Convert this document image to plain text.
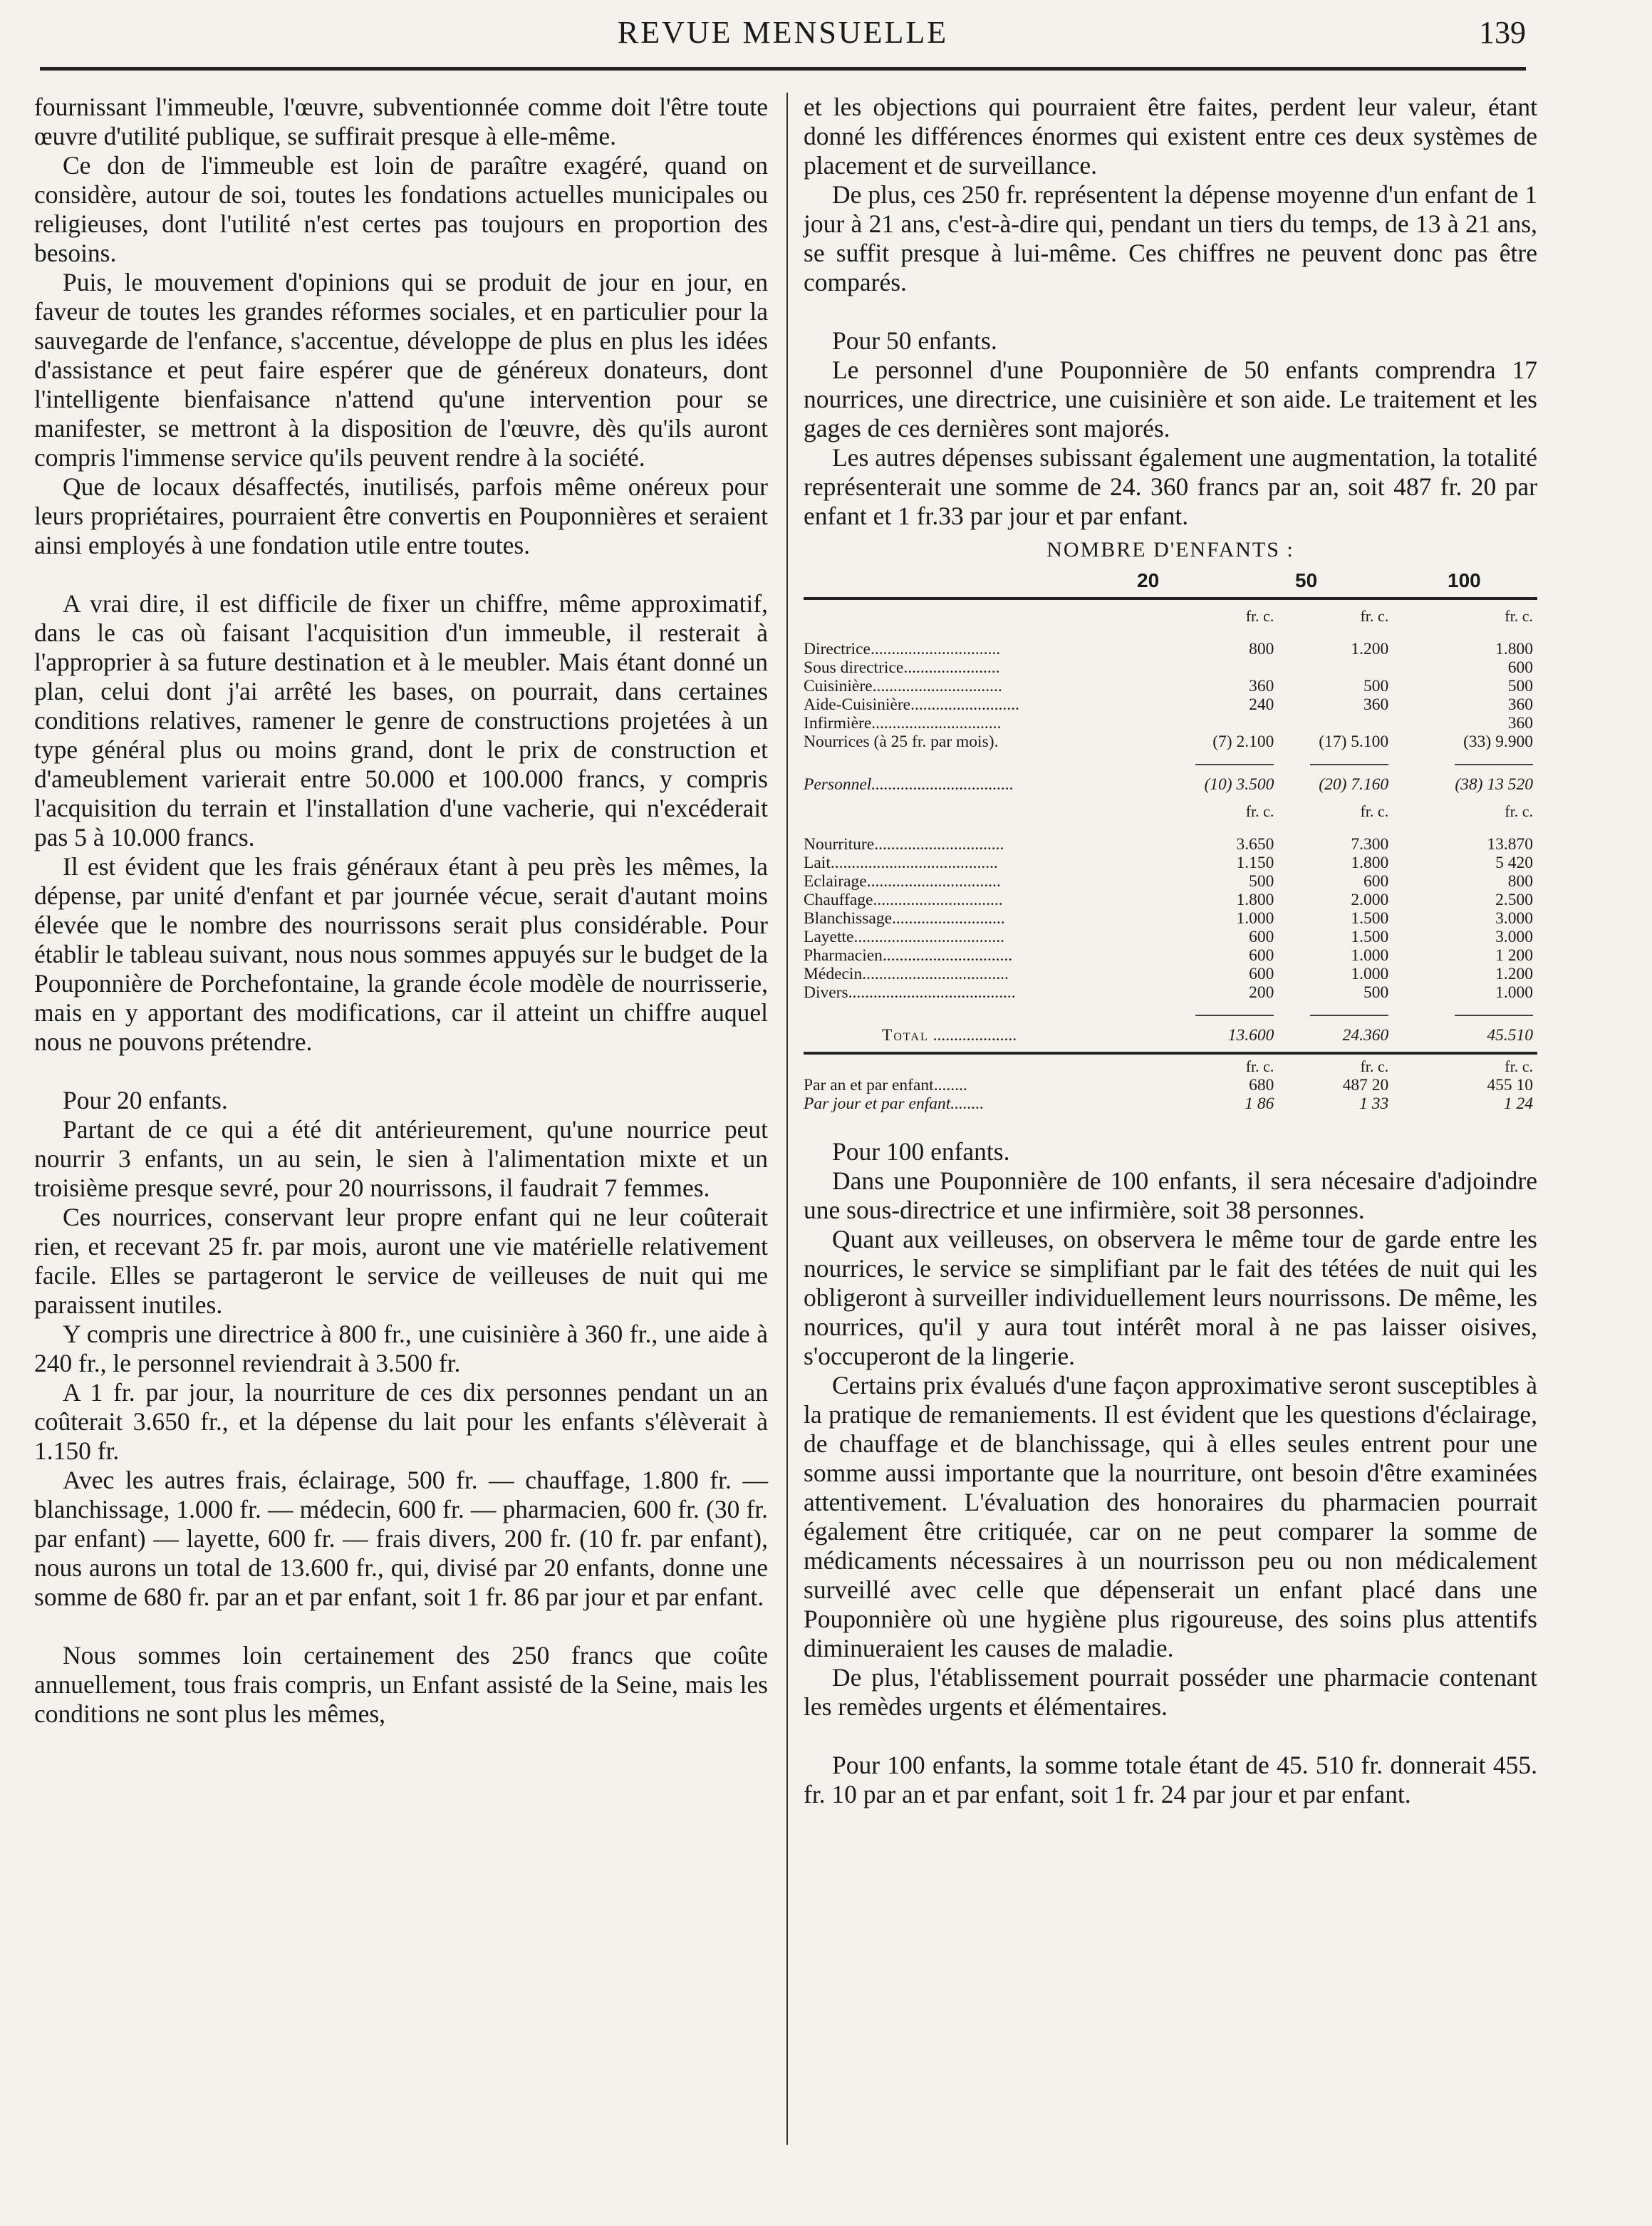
REVUE MENSUELLE	139

fournissant l'immeuble, l'œuvre, subventionnée comme doit l'être toute œuvre d'utilité publique, se suffirait presque à elle-même.

Ce don de l'immeuble est loin de paraître exagéré, quand on considère, autour de soi, toutes les fondations actuelles municipales ou religieuses, dont l'utilité n'est certes pas toujours en proportion des besoins.

Puis, le mouvement d'opinions qui se produit de jour en jour, en faveur de toutes les grandes réformes sociales, et en particulier pour la sauvegarde de l'enfance, s'accentue, développe de plus en plus les idées d'assistance et peut faire espérer que de généreux donateurs, dont l'intelligente bienfaisance n'attend qu'une intervention pour se manifester, se mettront à la disposition de l'œuvre, dès qu'ils auront compris l'immense service qu'ils peuvent rendre à la société.

Que de locaux désaffectés, inutilisés, parfois même onéreux pour leurs propriétaires, pourraient être convertis en Pouponnières et seraient ainsi employés à une fondation utile entre toutes.

A vrai dire, il est difficile de fixer un chiffre, même approximatif, dans le cas où faisant l'acquisition d'un immeuble, il resterait à l'approprier à sa future destination et à le meubler. Mais étant donné un plan, celui dont j'ai arrêté les bases, on pourrait, dans certaines conditions relatives, ramener le genre de constructions projetées à un type général plus ou moins grand, dont le prix de construction et d'ameublement varierait entre 50.000 et 100.000 francs, y compris l'acquisition du terrain et l'installation d'une vacherie, qui n'excéderait pas 5 à 10.000 francs.

Il est évident que les frais généraux étant à peu près les mêmes, la dépense, par unité d'enfant et par journée vécue, serait d'autant moins élevée que le nombre des nourrissons serait plus considérable. Pour établir le tableau suivant, nous nous sommes appuyés sur le budget de la Pouponnière de Porchefontaine, la grande école modèle de nourrisserie, mais en y apportant des modifications, car il atteint un chiffre auquel nous ne pouvons prétendre.

Pour 20 enfants.

Partant de ce qui a été dit antérieurement, qu'une nourrice peut nourrir 3 enfants, un au sein, le sien à l'alimentation mixte et un troisième presque sevré, pour 20 nourrissons, il faudrait 7 femmes.

Ces nourrices, conservant leur propre enfant qui ne leur coûterait rien, et recevant 25 fr. par mois, auront une vie matérielle relativement facile. Elles se partageront le service de veilleuses de nuit qui me paraissent inutiles.

Y compris une directrice à 800 fr., une cuisinière à 360 fr., une aide à 240 fr., le personnel reviendrait à 3.500 fr.

A 1 fr. par jour, la nourriture de ces dix personnes pendant un an coûterait 3.650 fr., et la dépense du lait pour les enfants s'élèverait à 1.150 fr.

Avec les autres frais, éclairage, 500 fr. — chauffage, 1.800 fr. — blanchissage, 1.000 fr. — médecin, 600 fr. — pharmacien, 600 fr. (30 fr. par enfant) — layette, 600 fr. — frais divers, 200 fr. (10 fr. par enfant), nous aurons un total de 13.600 fr., qui, divisé par 20 enfants, donne une somme de 680 fr. par an et par enfant, soit 1 fr. 86 par jour et par enfant.

Nous sommes loin certainement des 250 francs que coûte annuellement, tous frais compris, un Enfant assisté de la Seine, mais les conditions ne sont plus les mêmes,

et les objections qui pourraient être faites, perdent leur valeur, étant donné les différences énormes qui existent entre ces deux systèmes de placement et de surveillance.

De plus, ces 250 fr. représentent la dépense moyenne d'un enfant de 1 jour à 21 ans, c'est-à-dire qui, pendant un tiers du temps, de 13 à 21 ans, se suffit presque à lui-même. Ces chiffres ne peuvent donc pas être comparés.

Pour 50 enfants.

Le personnel d'une Pouponnière de 50 enfants comprendra 17 nourrices, une directrice, une cuisinière et son aide. Le traitement et les gages de ces dernières sont majorés.

Les autres dépenses subissant également une augmentation, la totalité représenterait une somme de 24. 360 francs par an, soit 487 fr. 20 par enfant et 1 fr.33 par jour et par enfant.

NOMBRE D'ENFANTS :
20	50	100
	fr. c.	fr. c.	fr. c.
Directrice...............................	800	1.200	1.800
Sous directrice.......................			600
Cuisinière...............................	360	500	500
Aide-Cuisinière..........................	240	360	360
Infirmière...............................			360
Nourrices (à 25 fr. par mois).	(7) 2.100	(17) 5.100	(33) 9.900

Personnel..................................	(10) 3.500	(20) 7.160	(38) 13 520
	fr. c.	fr. c.	fr. c.
Nourriture...............................	3.650	7.300	13.870
Lait........................................	1.150	1.800	5 420
Eclairage................................	500	600	800
Chauffage...............................	1.800	2.000	2.500
Blanchissage...........................	1.000	1.500	3.000
Layette....................................	600	1.500	3.000
Pharmacien...............................	600	1.000	1 200
Médecin...................................	600	1.000	1.200
Divers........................................	200	500	1.000

Total ....................	13.600	24.360	45.510
	fr. c.	fr. c.	fr. c.
Par an et par enfant........	680	487 20	455 10
Par jour et par enfant........	1 86	1 33	1 24

Pour 100 enfants.

Dans une Pouponnière de 100 enfants, il sera nécesaire d'adjoindre une sous-directrice et une infirmière, soit 38 personnes.

Quant aux veilleuses, on observera le même tour de garde entre les nourrices, le service se simplifiant par le fait des tétées de nuit qui les obligeront à surveiller individuellement leurs nourrissons. De même, les nourrices, qu'il y aura tout intérêt moral à ne pas laisser oisives, s'occuperont de la lingerie.

Certains prix évalués d'une façon approximative seront susceptibles à la pratique de remaniements. Il est évident que les questions d'éclairage, de chauffage et de blanchissage, qui à elles seules entrent pour une somme aussi importante que la nourriture, ont besoin d'être examinées attentivement. L'évaluation des honoraires du pharmacien pourrait également être critiquée, car on ne peut comparer la somme de médicaments nécessaires à un nourrisson peu ou non médicalement surveillé avec celle que dépenserait un enfant placé dans une Pouponnière où une hygiène plus rigoureuse, des soins plus attentifs diminueraient les causes de maladie.

De plus, l'établissement pourrait posséder une pharmacie contenant les remèdes urgents et élémentaires.

Pour 100 enfants, la somme totale étant de 45. 510 fr. donnerait 455. fr. 10 par an et par enfant, soit 1 fr. 24 par jour et par enfant.
